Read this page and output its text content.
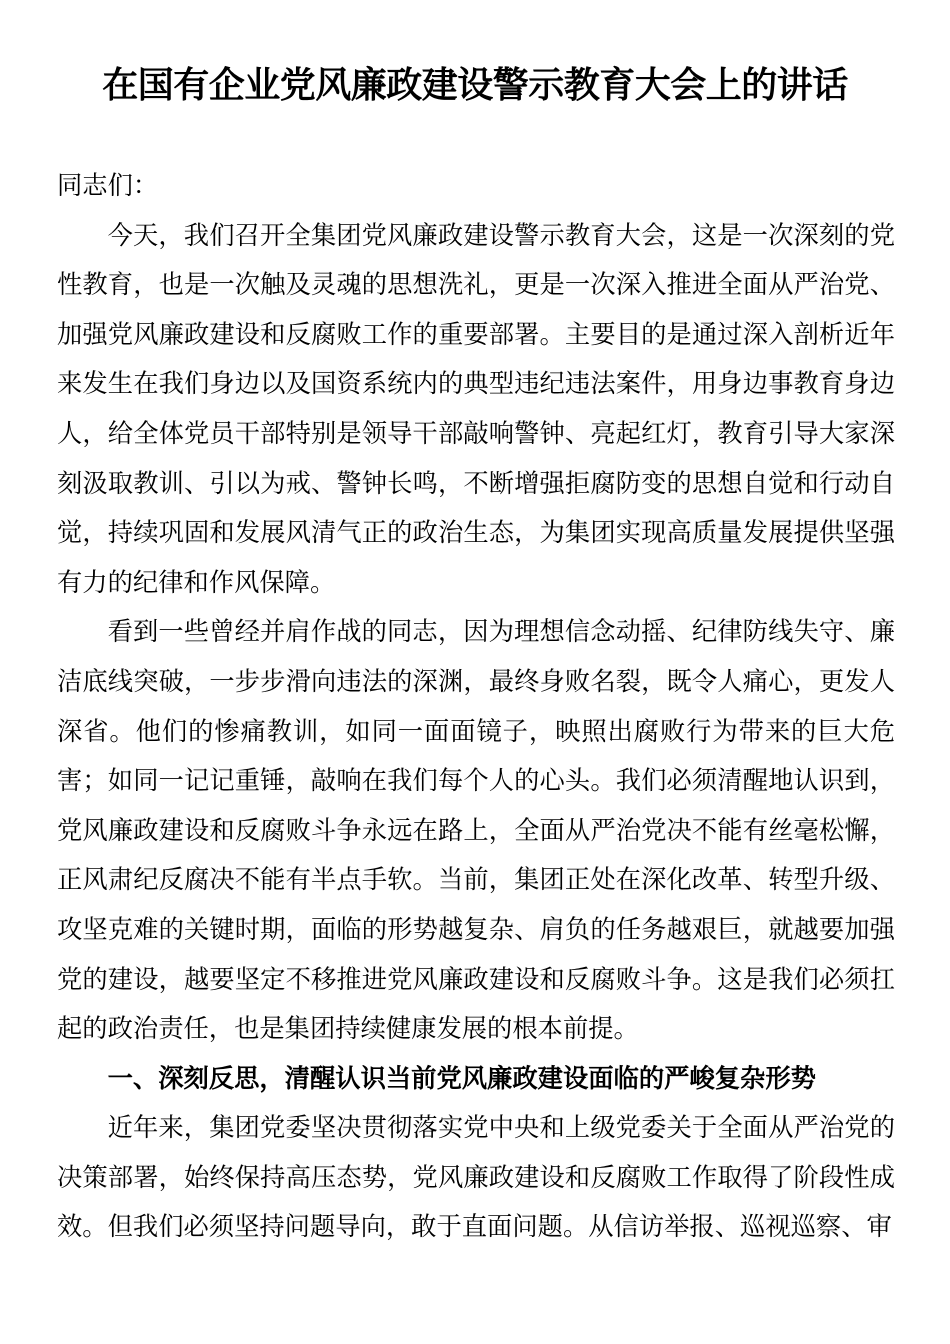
在国有企业党风廉政建设警示教育大会上的讲话

同志们：

今天，我们召开全集团党风廉政建设警示教育大会，这是一次深刻的党性教育，也是一次触及灵魂的思想洗礼，更是一次深入推进全面从严治党、加强党风廉政建设和反腐败工作的重要部署。主要目的是通过深入剖析近年来发生在我们身边以及国资系统内的典型违纪违法案件，用身边事教育身边人，给全体党员干部特别是领导干部敲响警钟、亮起红灯，教育引导大家深刻汲取教训、引以为戒、警钟长鸣，不断增强拒腐防变的思想自觉和行动自觉，持续巩固和发展风清气正的政治生态，为集团实现高质量发展提供坚强有力的纪律和作风保障。

看到一些曾经并肩作战的同志，因为理想信念动摇、纪律防线失守、廉洁底线突破，一步步滑向违法的深渊，最终身败名裂，既令人痛心，更发人深省。他们的惨痛教训，如同一面面镜子，映照出腐败行为带来的巨大危害；如同一记记重锤，敲响在我们每个人的心头。我们必须清醒地认识到，党风廉政建设和反腐败斗争永远在路上，全面从严治党决不能有丝毫松懈，正风肃纪反腐决不能有半点手软。当前，集团正处在深化改革、转型升级、攻坚克难的关键时期，面临的形势越复杂、肩负的任务越艰巨，就越要加强党的建设，越要坚定不移推进党风廉政建设和反腐败斗争。这是我们必须扛起的政治责任，也是集团持续健康发展的根本前提。

一、深刻反思，清醒认识当前党风廉政建设面临的严峻复杂形势

近年来，集团党委坚决贯彻落实党中央和上级党委关于全面从严治党的决策部署，始终保持高压态势，党风廉政建设和反腐败工作取得了阶段性成效。但我们必须坚持问题导向，敢于直面问题。从信访举报、巡视巡察、审
